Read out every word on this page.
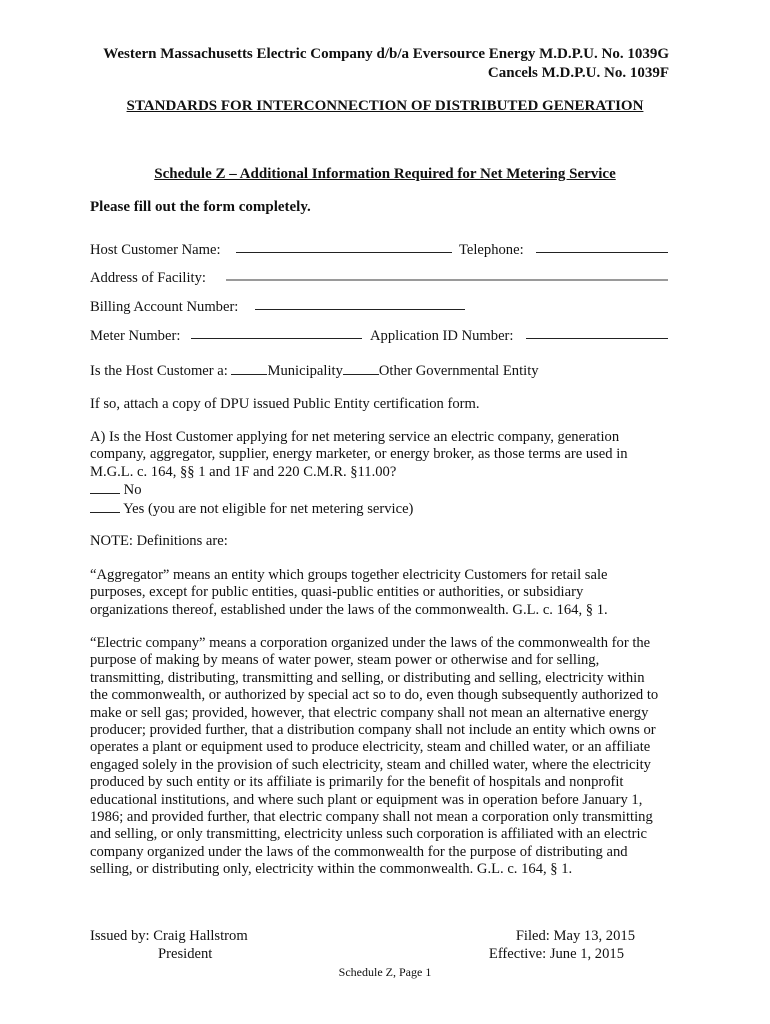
Western Massachusetts Electric Company d/b/a Eversource Energy M.D.P.U. No. 1039G
Cancels M.D.P.U. No. 1039F
STANDARDS FOR INTERCONNECTION OF DISTRIBUTED GENERATION
Schedule Z – Additional Information Required for Net Metering Service
Please fill out the form completely.
Host Customer Name:	Telephone:
Address of Facility:
Billing Account Number:
Meter Number:	Application ID Number:
Is the Host Customer a: Municipality Other Governmental Entity
If so, attach a copy of DPU issued Public Entity certification form.
A) Is the Host Customer applying for net metering service an electric company, generation
company, aggregator, supplier, energy marketer, or energy broker, as those terms are used in
M.G.L. c. 164, §§ 1 and 1F and 220 C.M.R. §11.00?
No
Yes (you are not eligible for net metering service)
NOTE: Definitions are:
“Aggregator” means an entity which groups together electricity Customers for retail sale
purposes, except for public entities, quasi-public entities or authorities, or subsidiary
organizations thereof, established under the laws of the commonwealth. G.L. c. 164, § 1.
“Electric company” means a corporation organized under the laws of the commonwealth for the
purpose of making by means of water power, steam power or otherwise and for selling,
transmitting, distributing, transmitting and selling, or distributing and selling, electricity within
the commonwealth, or authorized by special act so to do, even though subsequently authorized to
make or sell gas; provided, however, that electric company shall not mean an alternative energy
producer; provided further, that a distribution company shall not include an entity which owns or
operates a plant or equipment used to produce electricity, steam and chilled water, or an affiliate
engaged solely in the provision of such electricity, steam and chilled water, where the electricity
produced by such entity or its affiliate is primarily for the benefit of hospitals and nonprofit
educational institutions, and where such plant or equipment was in operation before January 1,
1986; and provided further, that electric company shall not mean a corporation only transmitting
and selling, or only transmitting, electricity unless such corporation is affiliated with an electric
company organized under the laws of the commonwealth for the purpose of distributing and
selling, or distributing only, electricity within the commonwealth. G.L. c. 164, § 1.
Issued by: Craig Hallstrom
President
Filed: May 13, 2015
Effective: June 1, 2015
Schedule Z, Page 1
